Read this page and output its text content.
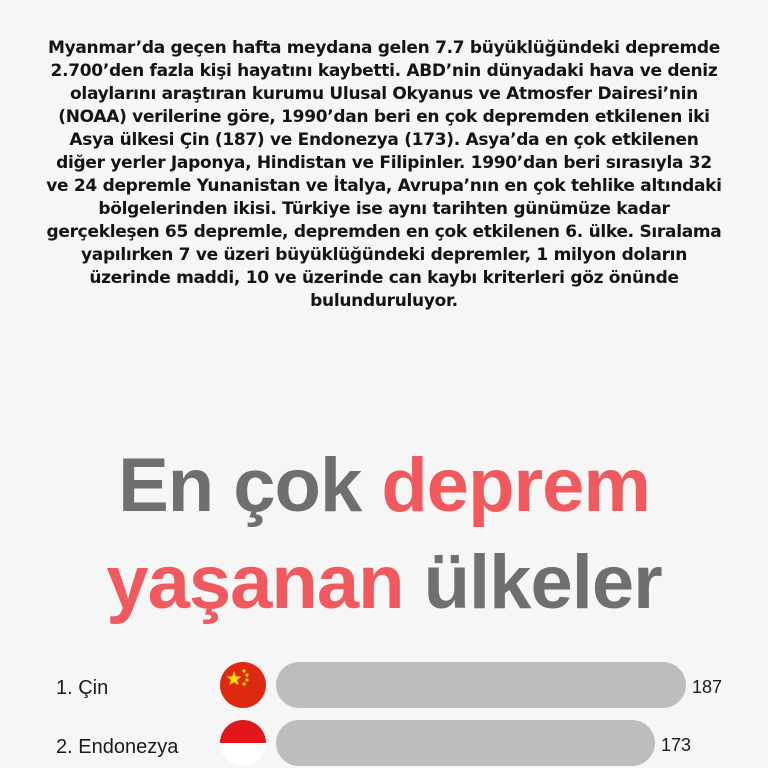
Myanmar’da geçen hafta meydana gelen 7.7 büyüklüğündeki depremde 2.700’den fazla kişi hayatını kaybetti. ABD’nin dünyadaki hava ve deniz olaylarını araştıran kurumu Ulusal Okyanus ve Atmosfer Dairesi’nin (NOAA) verilerine göre, 1990’dan beri en çok depremden etkilenen iki Asya ülkesi Çin (187) ve Endonezya (173). Asya’da en çok etkilenen diğer yerler Japonya, Hindistan ve Filipinler. 1990’dan beri sırasıyla 32 ve 24 depremle Yunanistan ve İtalya, Avrupa’nın en çok tehlike altındaki bölgelerinden ikisi. Türkiye ise aynı tarihten günümüze kadar gerçekleşen 65 depremle, depremden en çok etkilenen 6. ülke. Sıralama yapılırken 7 ve üzeri büyüklüğündeki depremler, 1 milyon doların üzerinde maddi, 10 ve üzerinde can kaybı kriterleri göz önünde bulunduruluyor.

En çok deprem
yaşanan ülkeler
1. Çin	187
2. Endonezya	173
